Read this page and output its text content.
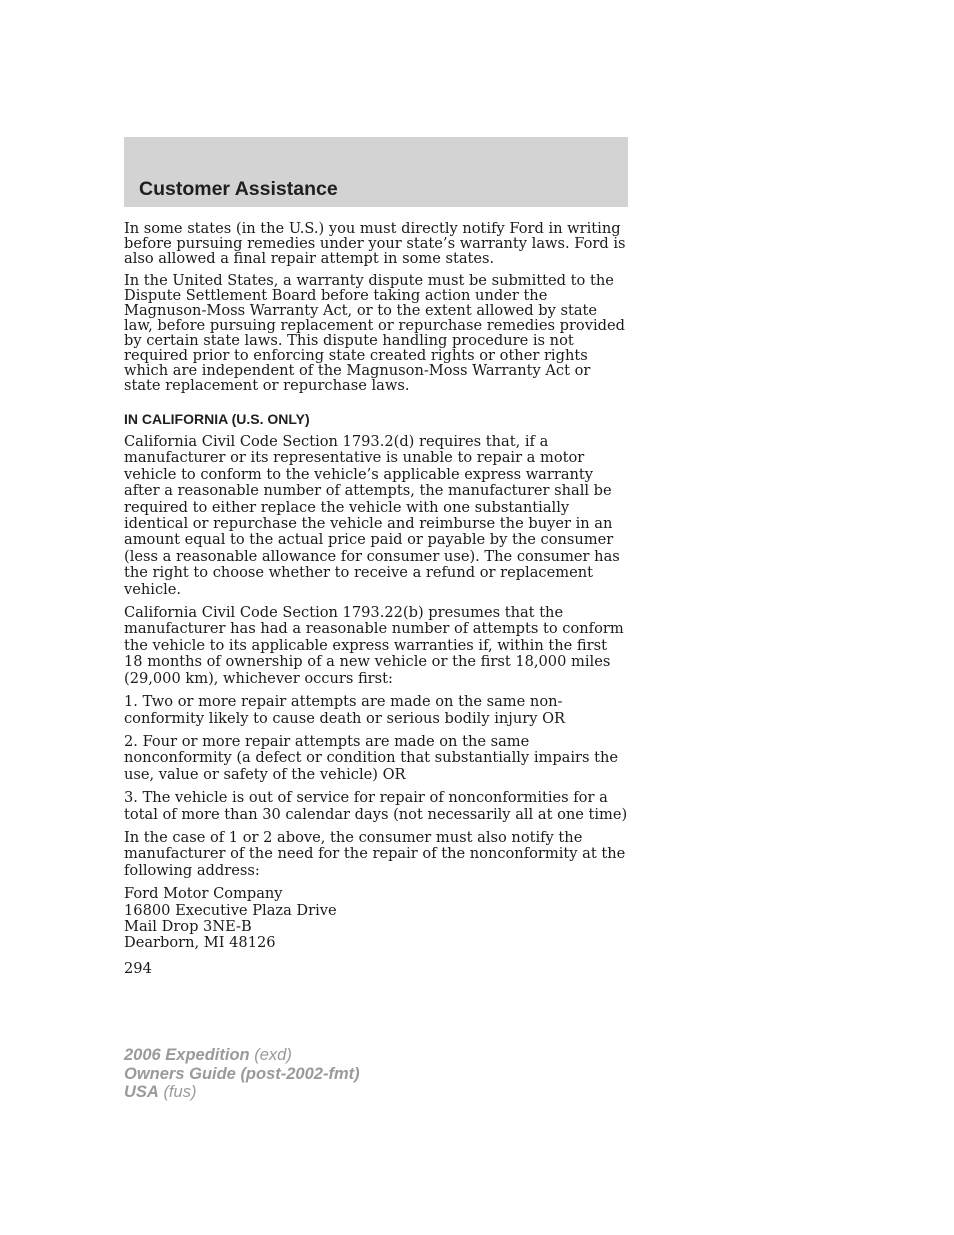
Customer Assistance

In some states (in the U.S.) you must directly notify Ford in writing before pursuing remedies under your state’s warranty laws. Ford is also allowed a final repair attempt in some states.

In the United States, a warranty dispute must be submitted to the Dispute Settlement Board before taking action under the Magnuson-Moss Warranty Act, or to the extent allowed by state law, before pursuing replacement or repurchase remedies provided by certain state laws. This dispute handling procedure is not required prior to enforcing state created rights or other rights which are independent of the Magnuson-Moss Warranty Act or state replacement or repurchase laws.

IN CALIFORNIA (U.S. ONLY)

California Civil Code Section 1793.2(d) requires that, if a manufacturer or its representative is unable to repair a motor vehicle to conform to the vehicle’s applicable express warranty after a reasonable number of attempts, the manufacturer shall be required to either replace the vehicle with one substantially identical or repurchase the vehicle and reimburse the buyer in an amount equal to the actual price paid or payable by the consumer (less a reasonable allowance for consumer use). The consumer has the right to choose whether to receive a refund or replacement vehicle.

California Civil Code Section 1793.22(b) presumes that the manufacturer has had a reasonable number of attempts to conform the vehicle to its applicable express warranties if, within the first 18 months of ownership of a new vehicle or the first 18,000 miles (29,000 km), whichever occurs first:

1. Two or more repair attempts are made on the same non-conformity likely to cause death or serious bodily injury OR

2. Four or more repair attempts are made on the same nonconformity (a defect or condition that substantially impairs the use, value or safety of the vehicle) OR

3. The vehicle is out of service for repair of nonconformities for a total of more than 30 calendar days (not necessarily all at one time)

In the case of 1 or 2 above, the consumer must also notify the manufacturer of the need for the repair of the nonconformity at the following address:

Ford Motor Company
16800 Executive Plaza Drive
Mail Drop 3NE-B
Dearborn, MI 48126

294
2006 Expedition (exd)
Owners Guide (post-2002-fmt)
USA (fus)
